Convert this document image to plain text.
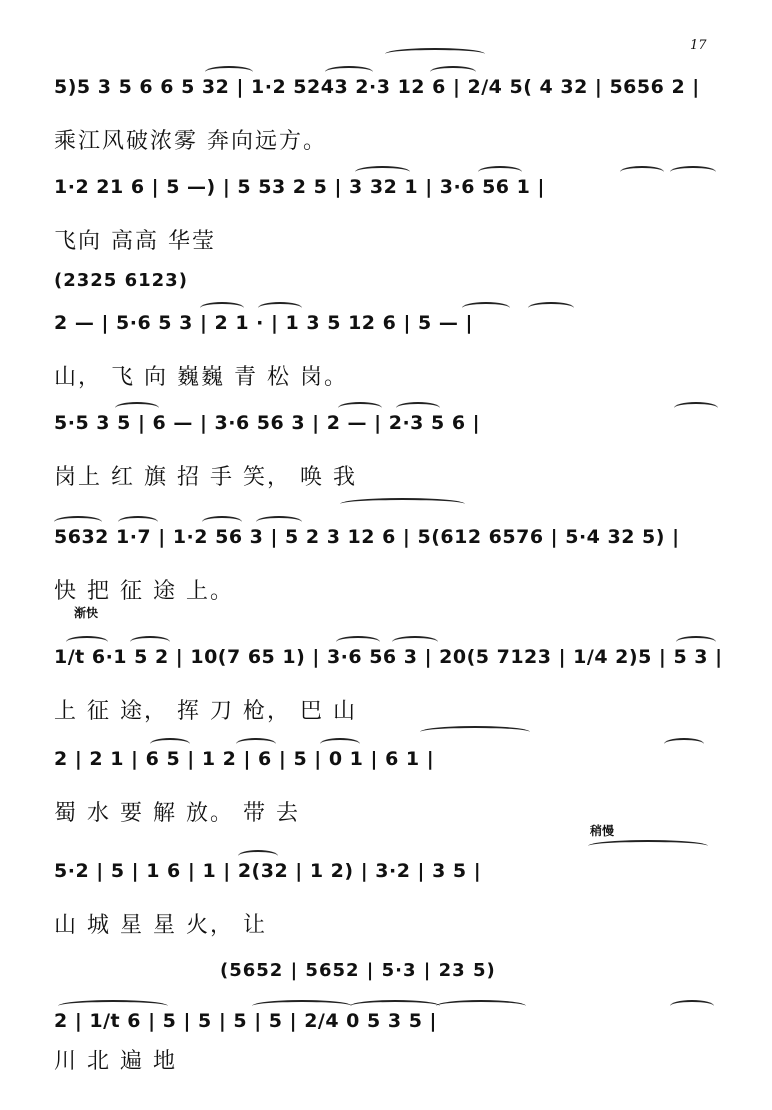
17
5)5 3 5 6 6 5 32 | 1·2 5243 2·3 12 6 | 2/4 5( 4 32 | 5656 2 |
乘江风破浓雾 奔向远方。
1·2 21 6 | 5 —) | 5 53 2 5 | 3 32 1 | 3·6 56 1 |
飞向 高高 华莹
(2325 6123)
2 — | 5·6 5 3 | 2 1 · | 1 3 5 12 6 | 5 — |
山， 飞 向 巍巍 青 松 岗。
5·5 3 5 | 6 — | 3·6 56 3 | 2 — | 2·3 5 6 |
岗上 红 旗 招 手 笑， 唤 我
5632 1·7 | 1·2 56 3 | 5 2 3 12 6 | 5(612 6576 | 5·4 32 5) |
快 把 征 途 上。
渐快
1/t 6·1 5 2 | 10(7 65 1) | 3·6 56 3 | 20(5 7123 | 1/4 2)5 | 5 3 |
上 征 途， 挥 刀 枪， 巴 山
2 | 2 1 | 6 5 | 1 2 | 6 | 5 | 0 1 | 6 1 |
蜀 水 要 解 放。 带 去
稍慢
5·2 | 5 | 1 6 | 1 | 2(32 | 1 2) | 3·2 | 3 5 |
山 城 星 星 火， 让
(5652 | 5652 | 5·3 | 23 5)
2 | 1/t 6 | 5 | 5 | 5 | 5 | 2/4 0 5 3 5 |
川 北 遍 地
